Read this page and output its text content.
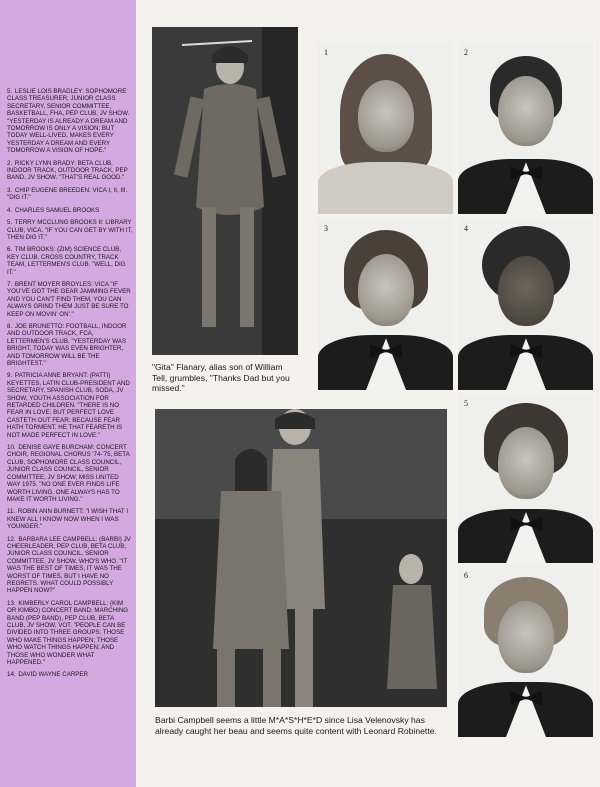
5. LESLIE LOIS BRADLEY: SOPHOMORE CLASS TREASURER, JUNIOR CLASS SECRETARY, SENIOR COMMITTEE, BASKETBALL, FHA, PEP CLUB, JV SHOW. "YESTERDAY IS ALREADY A DREAM AND TOMORROW IS ONLY A VISION; BUT TODAY WELL-LIVED, MAKES EVERY YESTERDAY A DREAM AND EVERY TOMORROW A VISION OF HOPE."
2. RICKY LYNN BRADY: BETA CLUB, INDOOR TRACK, OUTDOOR TRACK, PEP BAND, JV SHOW. "THAT'S REAL GOOD."
3. CHIP EUGENE BREEDEN: VICA I, II, III. "DIG IT."
4. CHARLES SAMUEL BROOKS
5. TERRY MCCLUNG BROOKS II: LIBRARY CLUB, VICA. "IF YOU CAN GET BY WITH IT, THEN DIG IT."
6. TIM BROOKS: (ZIM) SCIENCE CLUB, KEY CLUB, CROSS COUNTRY, TRACK TEAM, LETTERMEN'S CLUB. "WELL, DIG IT."
7. BRENT MOYER BROYLES: VICA "IF YOU'VE GOT THE GEAR JAMMING FEVER AND YOU CAN'T FIND THEM, YOU CAN ALWAYS GRIND THEM JUST BE SURE TO KEEP ON MOVIN' ON'."
8. JOE BRUNETTO: FOOTBALL, INDOOR AND OUTDOOR TRACK, FCA, LETTERMEN'S CLUB. "YESTERDAY WAS BRIGHT, TODAY WAS EVEN BRIGHTER, AND TOMORROW WILL BE THE BRIGHTEST."
9. PATRICIA ANNE BRYANT: (PATTI) KEYETTES, LATIN CLUB-PRESIDENT AND SECRETARY, SPANISH CLUB, SODA, JV SHOW, YOUTH ASSOCIATION FOR RETARDED CHILDREN. "THERE IS NO FEAR IN LOVE; BUT PERFECT LOVE CASTETH OUT FEAR: BECAUSE FEAR HATH TORMENT. HE THAT FEARETH IS NOT MADE PERFECT IN LOVE."
10. DENISE GAYE BURCHAM: CONCERT CHOIR, REGIONAL CHORUS '74-'75, BETA CLUB, SOPHOMORE CLASS COUNCIL, JUNIOR CLASS COUNCIL, SENIOR COMMITTEE, JV SHOW, MISS UNITED WAY 1975. "NO ONE EVER FINDS LIFE WORTH LIVING. ONE ALWAYS HAS TO MAKE IT WORTH LIVING."
11. ROBIN ANN BURNETT: "I WISH THAT I KNEW ALL I KNOW NOW WHEN I WAS YOUNGER."
12. BARBARA LEE CAMPBELL: (BARBI) JV CHEERLEADER, PEP CLUB, BETA CLUB, JUNIOR CLASS COUNCIL, SENIOR COMMITTEE, JV SHOW, WHO'S WHO. "IT WAS THE BEST OF TIMES, IT WAS THE WORST OF TIMES, BUT I HAVE NO REGRETS. WHAT COULD POSSIBLY HAPPEN NOW?"
13. KIMBERLY CAROL CAMPBELL: (KIM OR KIMBO) CONCERT BAND, MARCHING BAND (PEP BAND), PEP CLUB, BETA CLUB, JV SHOW, VOT. "PEOPLE CAN BE DIVIDED INTO THREE GROUPS: THOSE WHO MAKE THINGS HAPPEN; THOSE WHO WATCH THINGS HAPPEN; AND THOSE WHO WONDER WHAT HAPPENED."
14. DAVID WAYNE CARPER
"Gita" Flanary, alias son of William Tell, grumbles, "Thanks Dad but you missed."
Barbi Campbell seems a little M*A*S*H*E*D since Lisa Velenovsky has already caught her beau and seems quite content with Leonard Robinette.
1	2
3	4
5
6
